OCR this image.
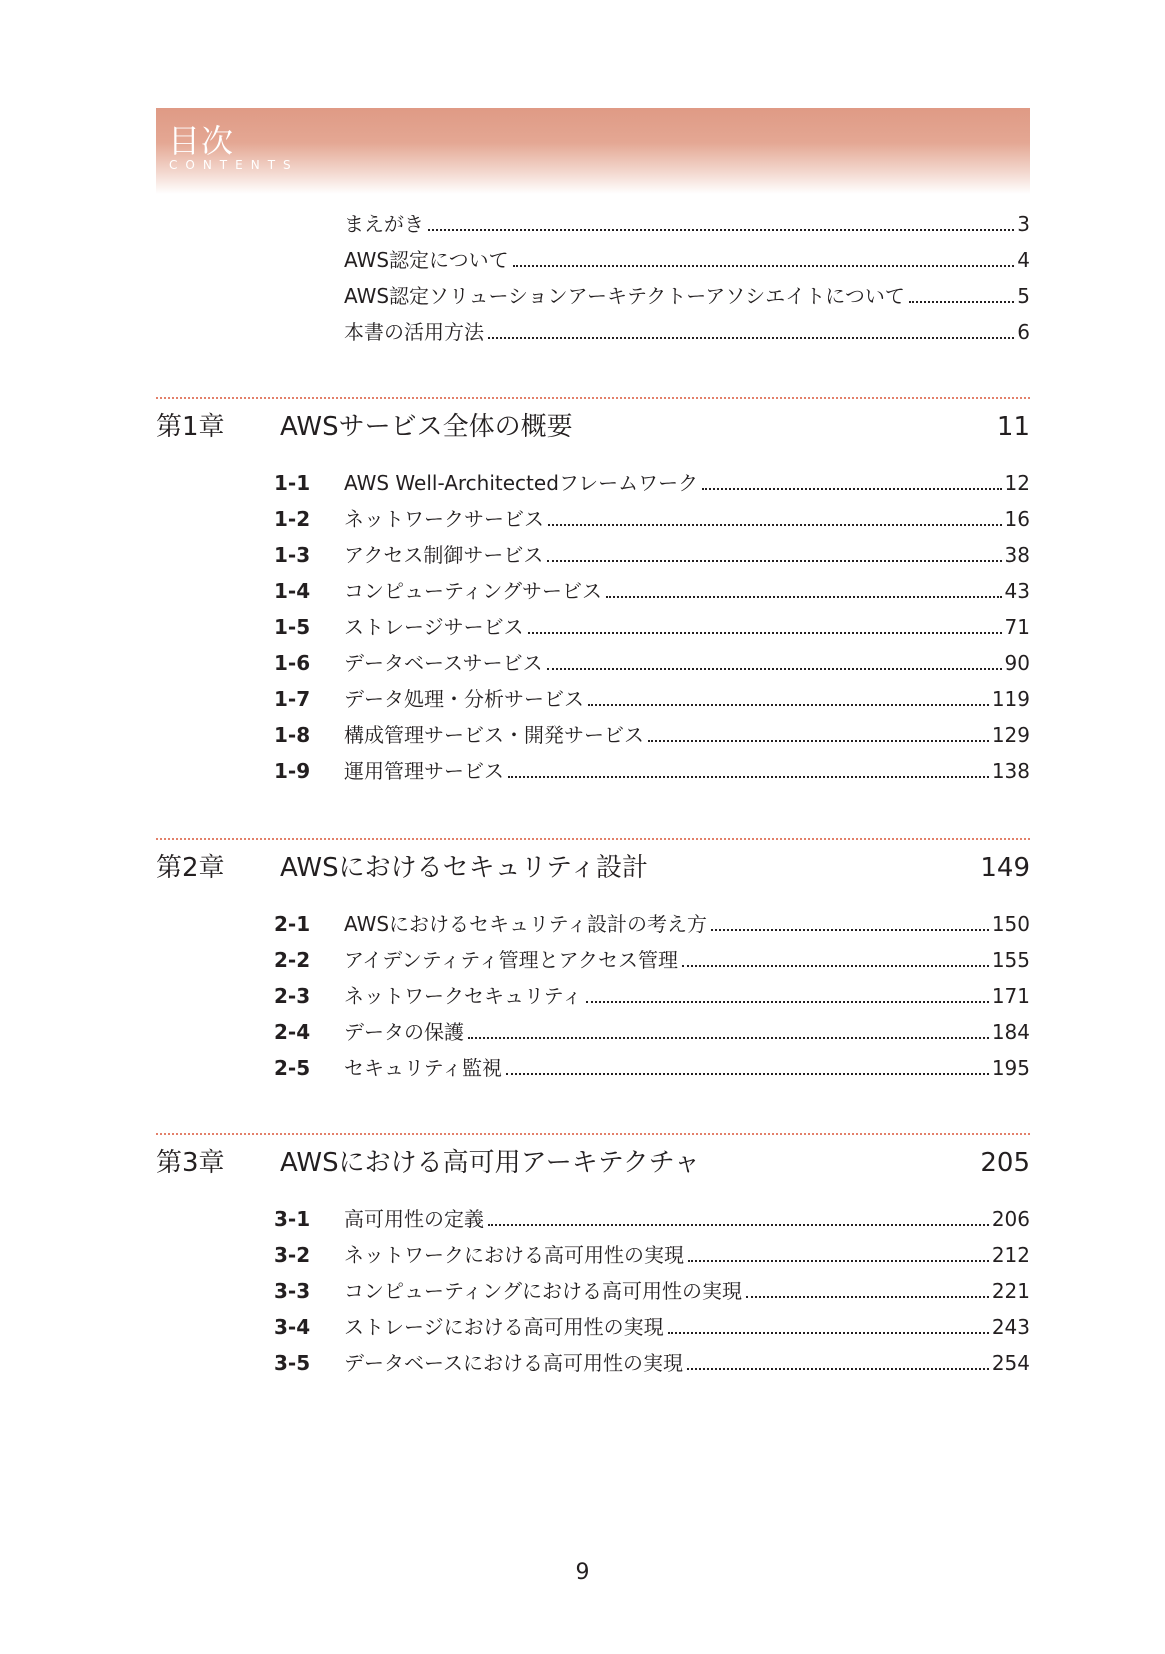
目次
CONTENTS
まえがき	3
AWS認定について	4
AWS認定ソリューションアーキテクトーアソシエイトについて	5
本書の活用方法	6
第1章 AWSサービス全体の概要	11
1-1	AWS Well-Architectedフレームワーク	12
1-2	ネットワークサービス	16
1-3	アクセス制御サービス	38
1-4	コンピューティングサービス	43
1-5	ストレージサービス	71
1-6	データベースサービス	90
1-7	データ処理・分析サービス	119
1-8	構成管理サービス・開発サービス	129
1-9	運用管理サービス	138
第2章 AWSにおけるセキュリティ設計	149
2-1	AWSにおけるセキュリティ設計の考え方	150
2-2	アイデンティティ管理とアクセス管理	155
2-3	ネットワークセキュリティ	171
2-4	データの保護	184
2-5	セキュリティ監視	195
第3章 AWSにおける高可用アーキテクチャ	205
3-1	高可用性の定義	206
3-2	ネットワークにおける高可用性の実現	212
3-3	コンピューティングにおける高可用性の実現	221
3-4	ストレージにおける高可用性の実現	243
3-5	データベースにおける高可用性の実現	254
9
